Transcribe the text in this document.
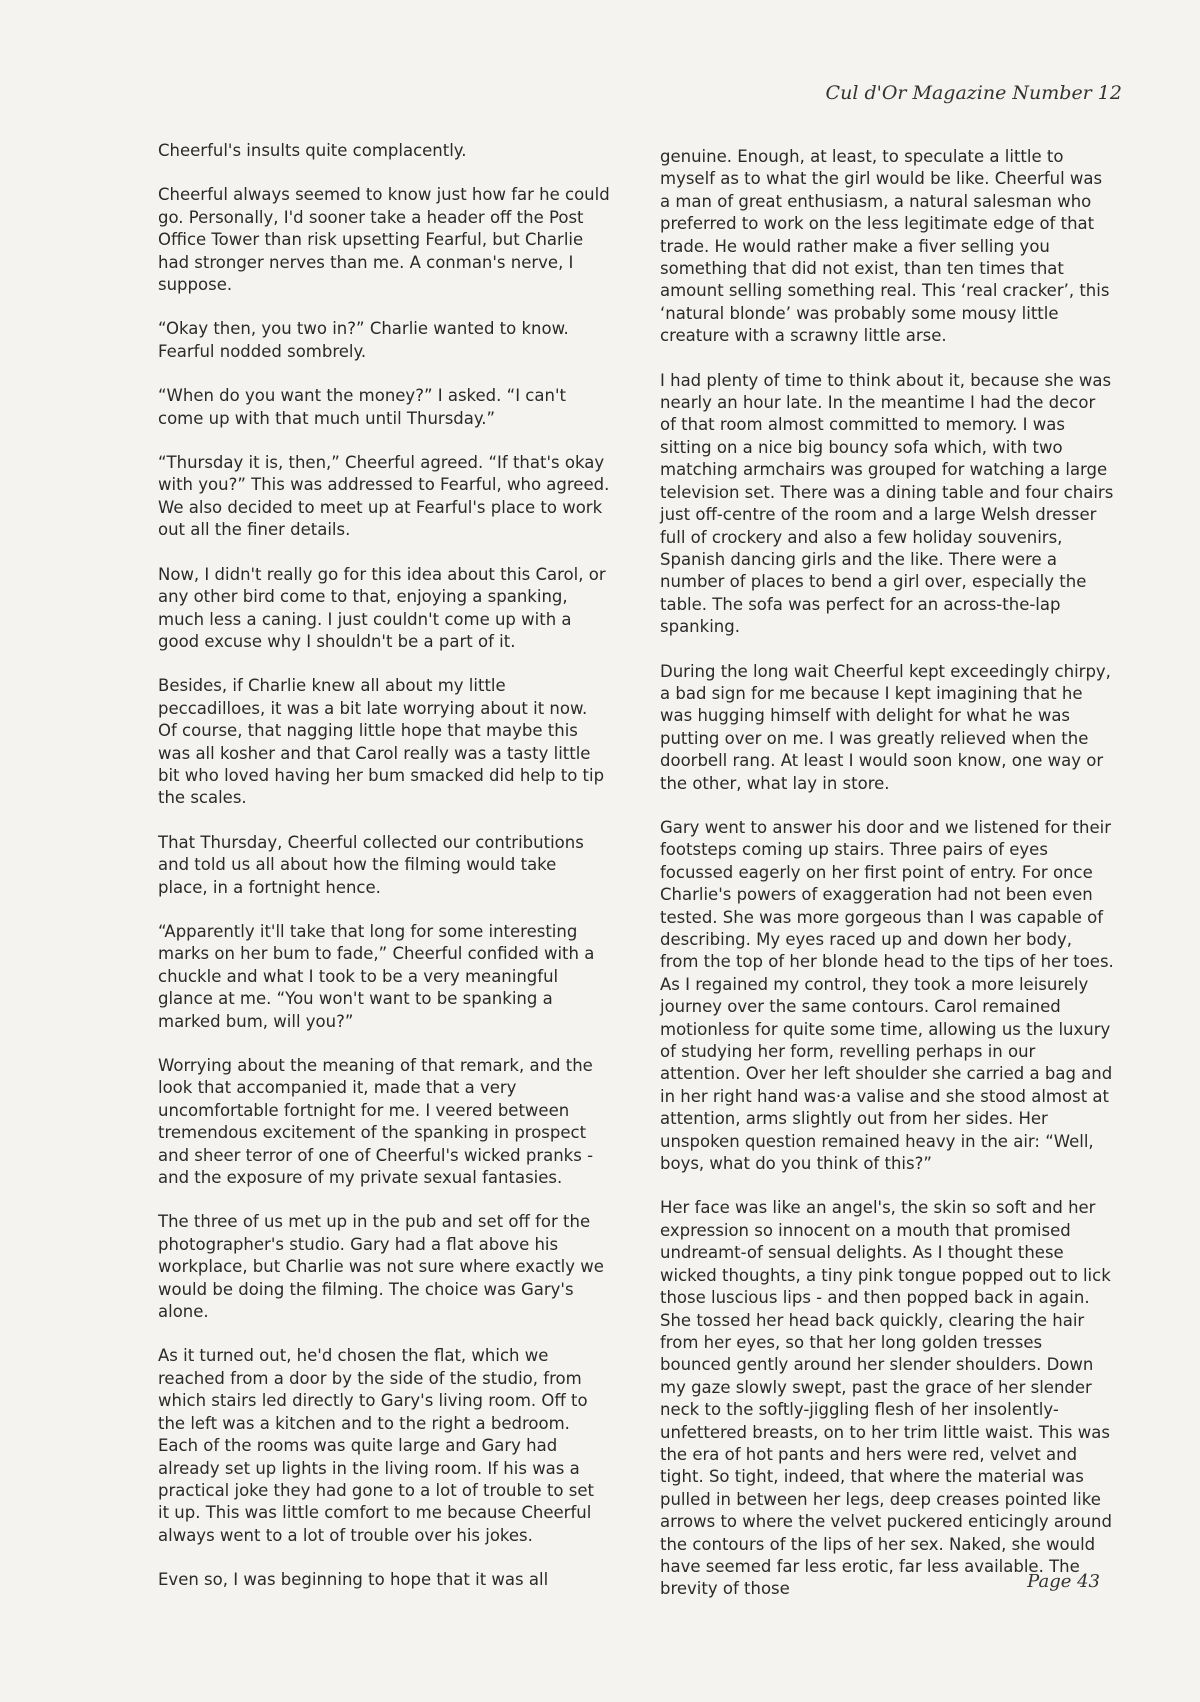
Cul d'Or Magazine Number 12

Cheerful's insults quite complacently.

Cheerful always seemed to know just how far he could go. Personally, I'd sooner take a header off the Post Office Tower than risk upsetting Fearful, but Charlie had stronger nerves than me. A conman's nerve, I suppose.

“Okay then, you two in?” Charlie wanted to know. Fearful nodded sombrely.

“When do you want the money?” I asked. “I can't come up with that much until Thursday.”

“Thursday it is, then,” Cheerful agreed. “If that's okay with you?” This was addressed to Fearful, who agreed. We also decided to meet up at Fearful's place to work out all the finer details.

Now, I didn't really go for this idea about this Carol, or any other bird come to that, enjoying a spanking, much less a caning. I just couldn't come up with a good excuse why I shouldn't be a part of it.

Besides, if Charlie knew all about my little peccadilloes, it was a bit late worrying about it now. Of course, that nagging little hope that maybe this was all kosher and that Carol really was a tasty little bit who loved having her bum smacked did help to tip the scales.

That Thursday, Cheerful collected our contributions and told us all about how the filming would take place, in a fortnight hence.

“Apparently it'll take that long for some interesting marks on her bum to fade,” Cheerful confided with a chuckle and what I took to be a very meaningful glance at me. “You won't want to be spanking a marked bum, will you?”

Worrying about the meaning of that remark, and the look that accompanied it, made that a very uncomfortable fortnight for me. I veered between tremendous excitement of the spanking in prospect and sheer terror of one of Cheerful's wicked pranks - and the exposure of my private sexual fantasies.

The three of us met up in the pub and set off for the photographer's studio. Gary had a flat above his workplace, but Charlie was not sure where exactly we would be doing the filming. The choice was Gary's alone.

As it turned out, he'd chosen the flat, which we reached from a door by the side of the studio, from which stairs led directly to Gary's living room. Off to the left was a kitchen and to the right a bedroom. Each of the rooms was quite large and Gary had already set up lights in the living room. If his was a practical joke they had gone to a lot of trouble to set it up. This was little comfort to me because Cheerful always went to a lot of trouble over his jokes.

Even so, I was beginning to hope that it was all

genuine. Enough, at least, to speculate a little to myself as to what the girl would be like. Cheerful was a man of great enthusiasm, a natural salesman who preferred to work on the less legitimate edge of that trade. He would rather make a fiver selling you something that did not exist, than ten times that amount selling something real. This ‘real cracker’, this ‘natural blonde’ was probably some mousy little creature with a scrawny little arse.

I had plenty of time to think about it, because she was nearly an hour late. In the meantime I had the decor of that room almost committed to memory. I was sitting on a nice big bouncy sofa which, with two matching armchairs was grouped for watching a large television set. There was a dining table and four chairs just off-centre of the room and a large Welsh dresser full of crockery and also a few holiday souvenirs, Spanish dancing girls and the like. There were a number of places to bend a girl over, especially the table. The sofa was perfect for an across-the-lap spanking.

During the long wait Cheerful kept exceedingly chirpy, a bad sign for me because I kept imagining that he was hugging himself with delight for what he was putting over on me. I was greatly relieved when the doorbell rang. At least I would soon know, one way or the other, what lay in store.

Gary went to answer his door and we listened for their footsteps coming up stairs. Three pairs of eyes focussed eagerly on her first point of entry. For once Charlie's powers of exaggeration had not been even tested. She was more gorgeous than I was capable of describing. My eyes raced up and down her body, from the top of her blonde head to the tips of her toes. As I regained my control, they took a more leisurely journey over the same contours. Carol remained motionless for quite some time, allowing us the luxury of studying her form, revelling perhaps in our attention. Over her left shoulder she carried a bag and in her right hand was·a valise and she stood almost at attention, arms slightly out from her sides. Her unspoken question remained heavy in the air: “Well, boys, what do you think of this?”

Her face was like an angel's, the skin so soft and her expression so innocent on a mouth that promised undreamt-of sensual delights. As I thought these wicked thoughts, a tiny pink tongue popped out to lick those luscious lips - and then popped back in again. She tossed her head back quickly, clearing the hair from her eyes, so that her long golden tresses bounced gently around her slender shoulders. Down my gaze slowly swept, past the grace of her slender neck to the softly-jiggling flesh of her insolently-unfettered breasts, on to her trim little waist. This was the era of hot pants and hers were red, velvet and tight. So tight, indeed, that where the material was pulled in between her legs, deep creases pointed like arrows to where the velvet puckered enticingly around the contours of the lips of her sex. Naked, she would have seemed far less erotic, far less available. The brevity of those	Page 43
